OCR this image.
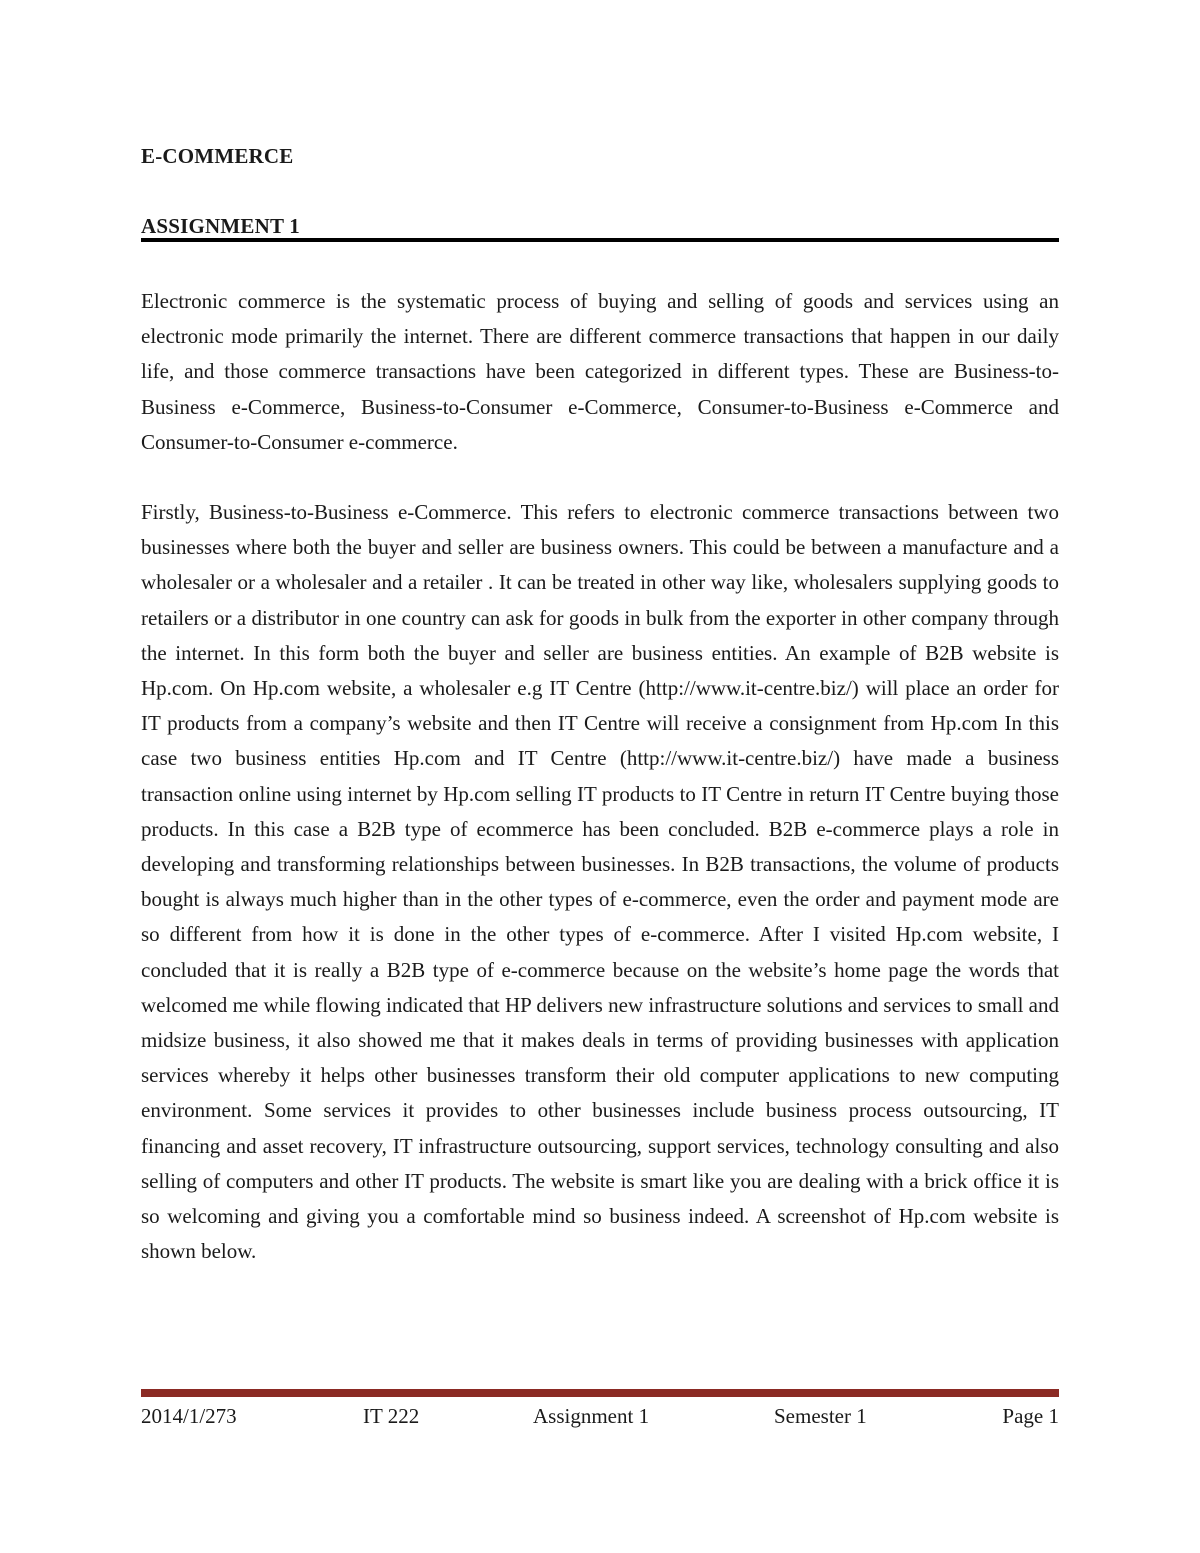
E-COMMERCE
ASSIGNMENT 1

Electronic commerce is the systematic process of buying and selling of goods and services using an electronic mode primarily the internet. There are different commerce transactions that happen in our daily life, and those commerce transactions have been categorized in different types. These are Business-to-Business e-Commerce, Business-to-Consumer e-Commerce, Consumer-to-Business e-Commerce and Consumer-to-Consumer e-commerce.

Firstly, Business-to-Business e-Commerce. This refers to electronic commerce transactions between two businesses where both the buyer and seller are business owners. This could be between a manufacture and a wholesaler or a wholesaler and a retailer . It can be treated in other way like, wholesalers supplying goods to retailers or a distributor in one country can ask for goods in bulk from the exporter in other company through the internet. In this form both the buyer and seller are business entities. An example of B2B website is Hp.com. On Hp.com website, a wholesaler e.g IT Centre (http://www.it-centre.biz/) will place an order for IT products from a company’s website and then IT Centre will receive a consignment from Hp.com In this case two business entities Hp.com and IT Centre (http://www.it-centre.biz/) have made a business transaction online using internet by Hp.com selling IT products to IT Centre in return IT Centre buying those products. In this case a B2B type of ecommerce has been concluded. B2B e-commerce plays a role in developing and transforming relationships between businesses. In B2B transactions, the volume of products bought is always much higher than in the other types of e-commerce, even the order and payment mode are so different from how it is done in the other types of e-commerce. After I visited Hp.com website, I concluded that it is really a B2B type of e-commerce because on the website’s home page the words that welcomed me while flowing indicated that HP delivers new infrastructure solutions and services to small and midsize business, it also showed me that it makes deals in terms of providing businesses with application services whereby it helps other businesses transform their old computer applications to new computing environment. Some services it provides to other businesses include business process outsourcing, IT financing and asset recovery, IT infrastructure outsourcing, support services, technology consulting and also selling of computers and other IT products. The website is smart like you are dealing with a brick office it is so welcoming and giving you a comfortable mind so business indeed. A screenshot of Hp.com website is shown below.

2014/1/273	IT 222	Assignment 1	Semester 1	Page 1
